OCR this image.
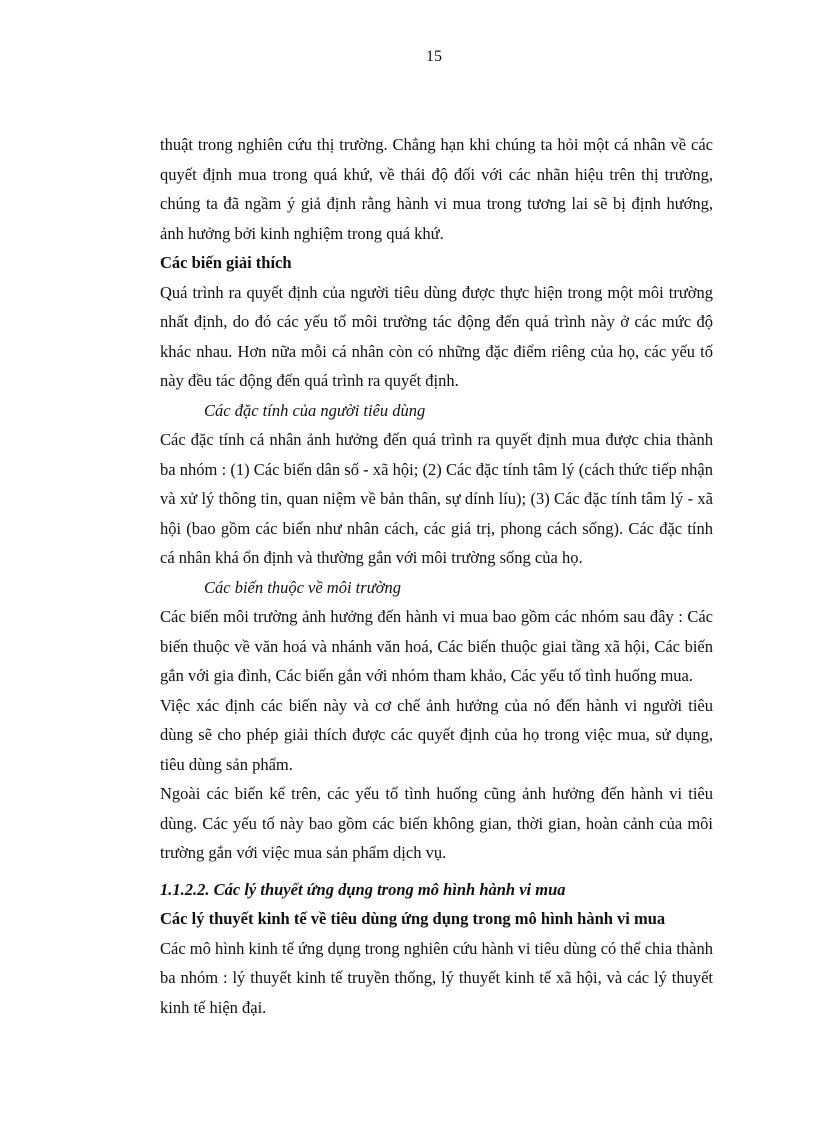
15

thuật trong nghiên cứu thị trường. Chẳng hạn khi chúng ta hỏi một cá nhân về các quyết định mua trong quá khứ, về thái độ đối với các nhãn hiệu trên thị trường, chúng ta đã ngầm ý giả định rằng hành vi mua trong tương lai sẽ bị định hướng, ảnh hưởng bởi kinh nghiệm trong quá khứ.

Các biến giải thích

Quá trình ra quyết định của người tiêu dùng được thực hiện trong một môi trường nhất định, do đó các yếu tố môi trường tác động đến quá trình này ở các mức độ khác nhau. Hơn nữa mỗi cá nhân còn có những đặc điểm riêng của họ, các yếu tố này đều tác động đến quá trình ra quyết định.

Các đặc tính của người tiêu dùng

Các đặc tính cá nhân ảnh hưởng đến quá trình ra quyết định mua được chia thành ba nhóm : (1) Các biến dân số - xã hội; (2) Các đặc tính tâm lý (cách thức tiếp nhận và xử lý thông tin, quan niệm về bản thân, sự dính líu); (3) Các đặc tính tâm lý - xã hội (bao gồm các biến như nhân cách, các giá trị, phong cách sống). Các đặc tính cá nhân khá ổn định và thường gắn với môi trường sống của họ.

Các biến thuộc về môi trường

Các biến môi trường ảnh hưởng đến hành vi mua bao gồm các nhóm sau đây : Các biến thuộc về văn hoá và nhánh văn hoá, Các biến thuộc giai tầng xã hội, Các biến gắn với gia đình, Các biến gắn với nhóm tham khảo, Các yếu tố tình huống mua.

Việc xác định các biến này và cơ chế ảnh hưởng của nó đến hành vi người tiêu dùng sẽ cho phép giải thích được các quyết định của họ trong việc mua, sử dụng, tiêu dùng sản phẩm.

Ngoài các biến kể trên, các yếu tố tình huống cũng ảnh hưởng đến hành vi tiêu dùng. Các yếu tố này bao gồm các biến không gian, thời gian, hoàn cảnh của môi trường gắn với việc mua sản phẩm dịch vụ.

1.1.2.2. Các lý thuyết ứng dụng trong mô hình hành vi mua

Các lý thuyết kinh tế về tiêu dùng ứng dụng trong mô hình hành vi mua

Các mô hình kinh tế ứng dụng trong nghiên cứu hành vi tiêu dùng có thể chia thành ba nhóm : lý thuyết kinh tế truyền thống, lý thuyết kinh tế xã hội, và các lý thuyết kinh tế hiện đại.
